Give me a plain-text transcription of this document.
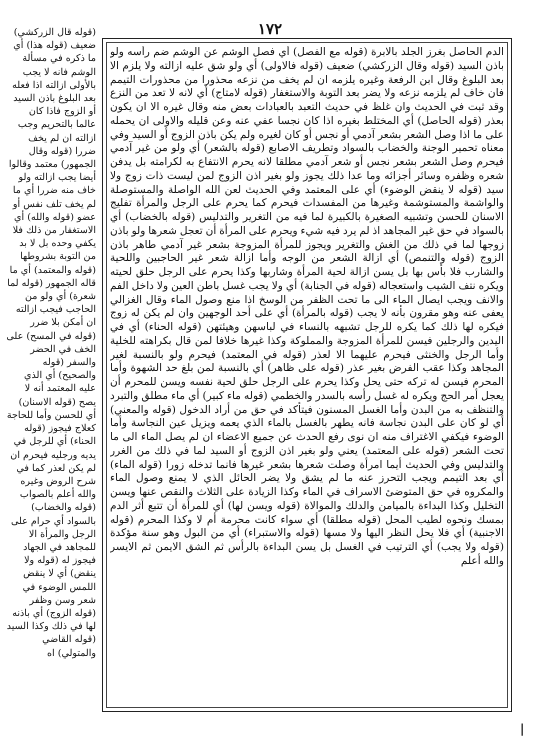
١٧٢
الدم الحاصل بغرز الجلد بالابرة (قوله مع الفصل) أي فصل الوشم عن الوشم ضم رأسه ولو باذن السيد (قوله وقال الزركشي) ضعيف (قوله فالاولى) أي ولو شق عليه ازالته ولا يلزم الا بعد البلوغ وقال ابن الرفعة وغيره يلزمه ان لم يخف من نزعه محذورا من محذورات التيمم فان خاف لم يلزمه نزعه ولا يضر بعد التوبة والاستغفار (قوله لامتاج) أي لانه لا تعد من النزع وقد ثبت في الحديث وان غلظ في حديث التعبد بالعبادات بعض منه وقال غيره الا ان يكون بعذر (قوله الحاصل) أي المختلط بغيره اذا كان نجسا عفي عنه وعن قليله والاولى ان يحمله على ما اذا وصل الشعر بشعر آدمي أو نجس أو كان لغيره ولم يكن باذن الزوج أو السيد وفي معناه تحمير الوجنة والخضاب بالسواد وتطريف الاصابع (قوله بالشعر) أي ولو من غير آدمي فيحرم وصل الشعر بشعر نجس أو شعر آدمي مطلقا لانه يحرم الانتفاع به لكرامته بل يدفن شعره وظفره وسائر أجزائه وما عدا ذلك يجوز ولو بغير اذن الزوج لمن ليست ذات زوج ولا سيد (قوله لا ينقض الوضوء) أي على المعتمد وفي الحديث لعن الله الواصلة والمستوصلة والواشمة والمستوشمة وغيرها من المفسدات فيحرم كما يحرم على الرجل والمرأة تفليج الاسنان للحسن وتشبيه الصغيرة بالكبيرة لما فيه من التغرير والتدليس (قوله بالخضاب) أي بالسواد في حق غير المجاهد اذ لم يرد فيه شيء ويحرم على المرأة أن تعجل شعرها ولو باذن زوجها لما في ذلك من الغش والتغرير ويجوز للمرأة المزوجة بشعر غير آدمي طاهر باذن الزوج (قوله والتنمص) أي ازالة الشعر من الوجه وأما ازالة شعر غير الحاجبين واللحية والشارب فلا بأس بها بل يسن ازالة لحية المرأة وشاربها وكذا يحرم على الرجل حلق لحيته ويكره نتف الشيب واستعجاله (قوله في الجنابة) أي ولا يجب غسل باطن العين ولا داخل الفم والانف ويجب ايصال الماء الى ما تحت الظفر من الوسخ اذا منع وصول الماء وقال الغزالي يعفى عنه وهو مقرون بأنه لا يجب (قوله بالمرأة) أي على أحد الوجهين وان لم يكن له زوج فيكره لها ذلك كما يكره للرجل تشبهه بالنساء في لباسهن وهيئتهن (قوله الحناء) أي في اليدين والرجلين فيسن للمرأة المزوجة والمملوكة وكذا غيرها خلافا لمن قال بكراهته للخلية وأما الرجل والخنثى فيحرم عليهما الا لعذر (قوله في المعتمد) فيحرم ولو بالنسبة لغير المجاهد وكذا عقب الفرض بغير عذر (قوله على ظاهر) أي بالنسبة لمن بلغ حد الشهوة وأما المحرم فيسن له تركه حتى يحل وكذا يحرم على الرجل حلق لحية نفسه ويسن للمحرم أن يعجل أمر الحج ويكره له غسل رأسه بالسدر والخطمي (قوله ماء كبير) أي ماء مطلق والتبرد والتنظف به من البدن وأما الغسل المسنون فيتأكد في حق من أراد الدخول (قوله والمعني) أي لو كان على البدن نجاسة فانه يطهر بالغسل بالماء الذي يعمه ويزيل عين النجاسة وأما الوضوء فيكفي الاغتراف منه ان نوى رفع الحدث عن جميع الاعضاء ان لم يصل الماء الى ما تحت الشعر (قوله على المعتمد) يعني ولو بغير اذن الزوج أو السيد لما في ذلك من الغرر والتدليس وفي الحديث أيما امرأة وصلت شعرها بشعر غيرها فانما تدخله زورا (قوله الماء) أي بعد التيمم ويجب التحرز عنه ما لم يشق ولا يضر الحائل الذي لا يمنع وصول الماء والمكروه في حق المتوضئ الاسراف في الماء وكذا الزيادة على الثلاث والنقص عنها ويسن التخليل وكذا البداءة بالميامن والدلك والموالاة (قوله ويسن لها) أي للمرأة أن تتبع أثر الدم بمسك ونحوه لطيب المحل (قوله مطلقا) أي سواء كانت محرمة أم لا وكذا المحرم (قوله الاجنبية) أي فلا يحل النظر اليها ولا مسها (قوله والاستبراء) أي من البول وهو سنة مؤكدة (قوله ولا يجب) أي الترتيب في الغسل بل يسن البداءة بالرأس ثم الشق الايمن ثم الايسر والله أعلم
(قوله قال الزركشي) ضعيف (قوله هذا) أي ما ذكره في مسألة الوشم فانه لا يجب بالأولى ازالته اذا فعله بعد البلوغ باذن السيد أو الزوج فاذا كان عالما بالتحريم وجب ازالته ان لم يخف ضررا (قوله وقال الجمهور) معتمد وقالوا أيضا يجب ازالته ولو خاف منه ضررا أي ما لم يخف تلف نفس أو عضو (قوله والله) أي الاستغفار من ذلك فلا يكفي وحده بل لا بد من التوبة بشروطها (قوله والمعتمد) أي ما قاله الجمهور (قوله لما شعرة) أي ولو من الحاجب فيجب ازالته ان أمكن بلا ضرر (قوله في المسح) على الخف في الحضر والسفر (قوله والصحيح) أي الذي عليه المعتمد أنه لا يصح (قوله الاسنان) أي للحسن وأما للحاجة كعلاج فيجوز (قوله الحناء) أي للرجل في يديه ورجليه فيحرم ان لم يكن لعذر كما في شرح الروض وغيره والله أعلم بالصواب (قوله والخضاب) بالسواد أي حرام على الرجل والمرأة الا للمجاهد في الجهاد فيجوز له (قوله ولا ينقض) أي لا ينقض اللمس الوضوء في شعر وسن وظفر (قوله الزوج) أي باذنه لها في ذلك وكذا السيد (قوله القاضي والمتولي) اه
|
